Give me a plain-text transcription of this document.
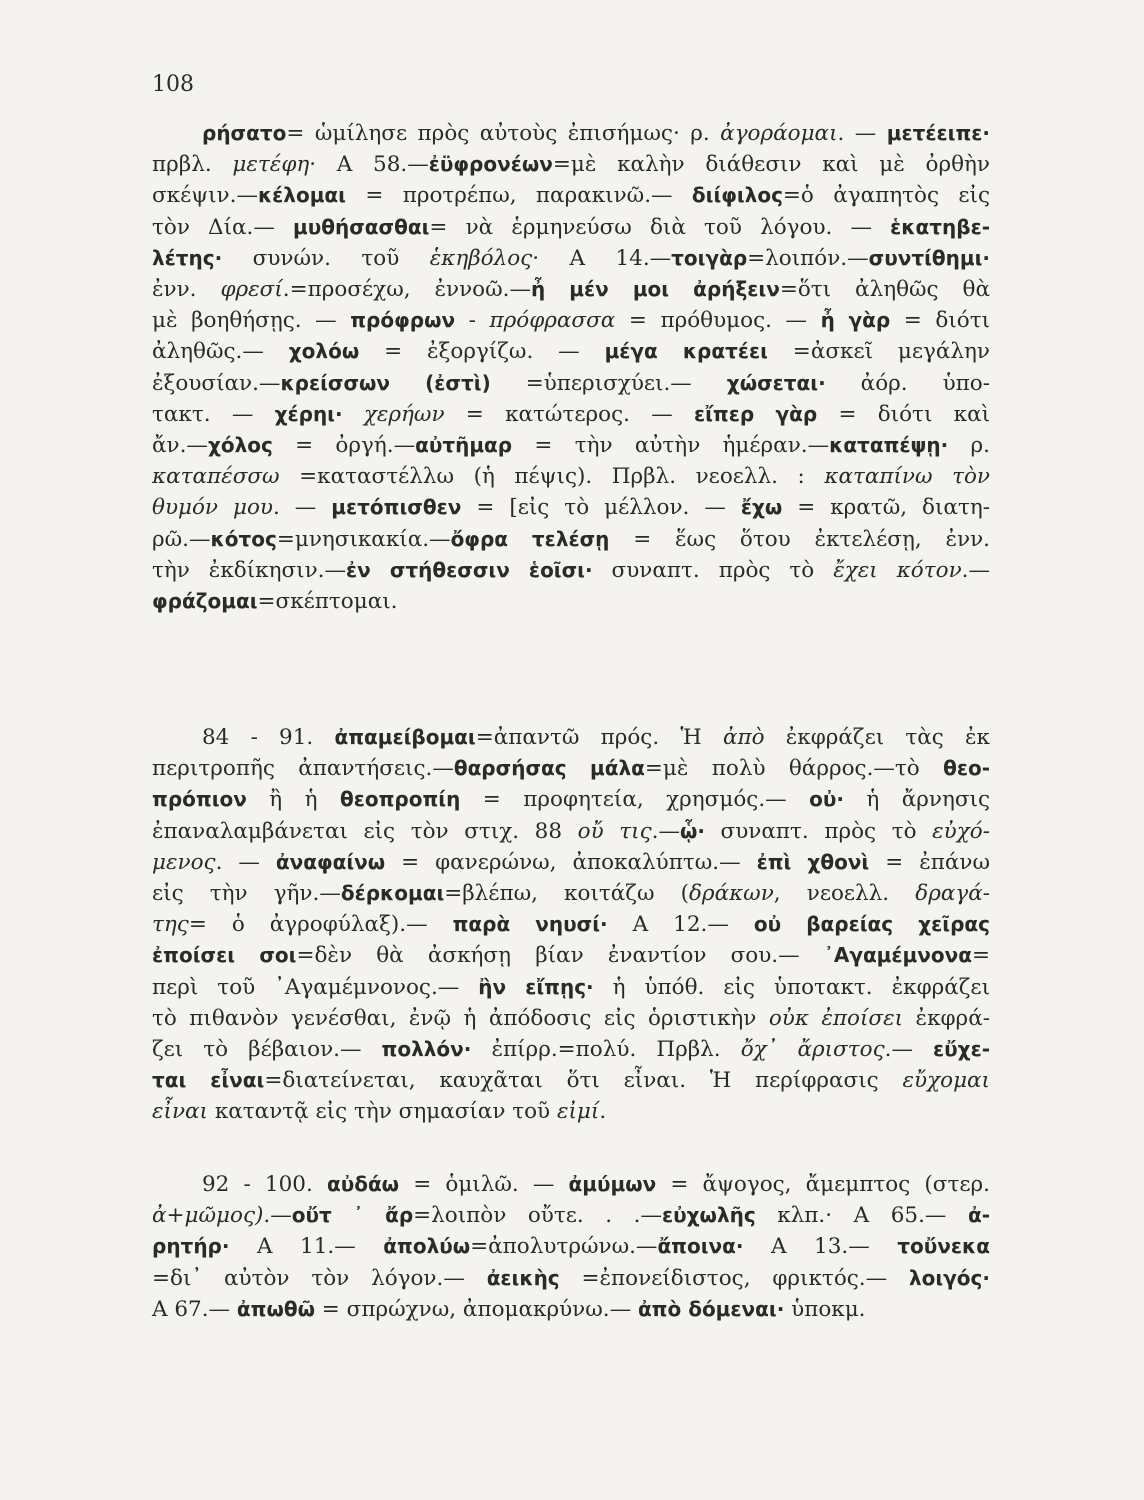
108
ρήσατο= ὡμίλησε πρὸς αὐτοὺς ἐπισήμως· ρ. ἀγοράομαι. — μετέειπε·
πρβλ. μετέφη· Α 58.—ἐϋφρονέων=μὲ καλὴν διάθεσιν καὶ μὲ ὀρθὴν
σκέψιν.—κέλομαι = προτρέπω, παρακινῶ.— διίφιλος=ὁ ἀγαπητὸς εἰς
τὸν Δία.— μυθήσασθαι= νὰ ἑρμηνεύσω διὰ τοῦ λόγου. — ἑκατηβε-
λέτης· συνών. τοῦ ἑκηβόλος· Α 14.—τοιγὰρ=λοιπόν.—συντίθημι·
ἐνν. φρεσί.=προσέχω, ἐννοῶ.—ἦ μέν μοι ἀρήξειν=ὅτι ἀληθῶς θὰ
μὲ βοηθήσῃς. — πρόφρων - πρόφρασσα = πρόθυμος. — ἦ γὰρ = διότι
ἀληθῶς.— χολόω = ἐξοργίζω. — μέγα κρατέει =ἀσκεῖ μεγάλην
ἐξουσίαν.—κρείσσων (ἐστὶ) =ὑπερισχύει.— χώσεται· ἀόρ. ὑπο-
τακτ. — χέρηι· χερήων = κατώτερος. — εἴπερ γὰρ = διότι καὶ
ἄν.—χόλος = ὀργή.—αὐτῆμαρ = τὴν αὐτὴν ἡμέραν.—καταπέψῃ· ρ.
καταπέσσω =καταστέλλω (ἡ πέψις). Πρβλ. νεοελλ. : καταπίνω τὸν
θυμόν μου. — μετόπισθεν = [εἰς τὸ μέλλον. — ἔχω = κρατῶ, διατη-
ρῶ.—κότος=μνησικακία.—ὄφρα τελέσῃ = ἕως ὅτου ἐκτελέσῃ, ἐνν.
τὴν ἐκδίκησιν.—ἐν στήθεσσιν ἑοῖσι· συναπτ. πρὸς τὸ ἔχει κότον.—
φράζομαι=σκέπτομαι.
84 - 91. ἀπαμείβομαι=ἀπαντῶ πρός. Ἡ ἀπὸ ἐκφράζει τὰς ἐκ
περιτροπῆς ἀπαντήσεις.—θαρσήσας μάλα=μὲ πολὺ θάρρος.—τὸ θεο-
πρόπιον ἢ ἡ θεοπροπίη = προφητεία, χρησμός.— οὐ· ἡ ἄρνησις
ἐπαναλαμβάνεται εἰς τὸν στιχ. 88 οὔ τις.—ᾧ· συναπτ. πρὸς τὸ εὐχό-
μενος. — ἀναφαίνω = φανερώνω, ἀποκαλύπτω.— ἐπὶ χθονὶ = ἐπάνω
εἰς τὴν γῆν.—δέρκομαι=βλέπω, κοιτάζω (δράκων, νεοελλ. δραγά-
της= ὁ ἀγροφύλαξ).— παρὰ νηυσί· Α 12.— οὐ βαρείας χεῖρας
ἐποίσει σοι=δὲν θὰ ἀσκήσῃ βίαν ἐναντίον σου.— ᾿Αγαμέμνονα=
περὶ τοῦ ᾿Αγαμέμνονος.— ἢν εἴπῃς· ἡ ὑπόθ. εἰς ὑποτακτ. ἐκφράζει
τὸ πιθανὸν γενέσθαι, ἐνῷ ἡ ἀπόδοσις εἰς ὁριστικὴν οὐκ ἐποίσει ἐκφρά-
ζει τὸ βέβαιον.— πολλόν· ἐπίρρ.=πολύ. Πρβλ. ὄχ᾿ ἄριστος.— εὔχε-
ται εἶναι=διατείνεται, καυχᾶται ὅτι εἶναι. Ἡ περίφρασις εὔχομαι
εἶναι καταντᾷ εἰς τὴν σημασίαν τοῦ εἰμί.
92 - 100. αὐδάω = ὁμιλῶ. — ἀμύμων = ἄψογος, ἄμεμπτος (στερ.
ἀ+μῶμος).—οὔτ ᾿ ἄρ=λοιπὸν οὔτε. . .—εὐχωλῆς κλπ.· Α 65.— ἀ-
ρητήρ· Α 11.— ἀπολύω=ἀπολυτρώνω.—ἄποινα· Α 13.— τοὔνεκα
=δι᾿ αὐτὸν τὸν λόγον.— ἀεικὴς =ἐπονείδιστος, φρικτός.— λοιγός·
Α 67.— ἀπωθῶ = σπρώχνω, ἀπομακρύνω.— ἀπὸ δόμεναι· ὑποκμ.
